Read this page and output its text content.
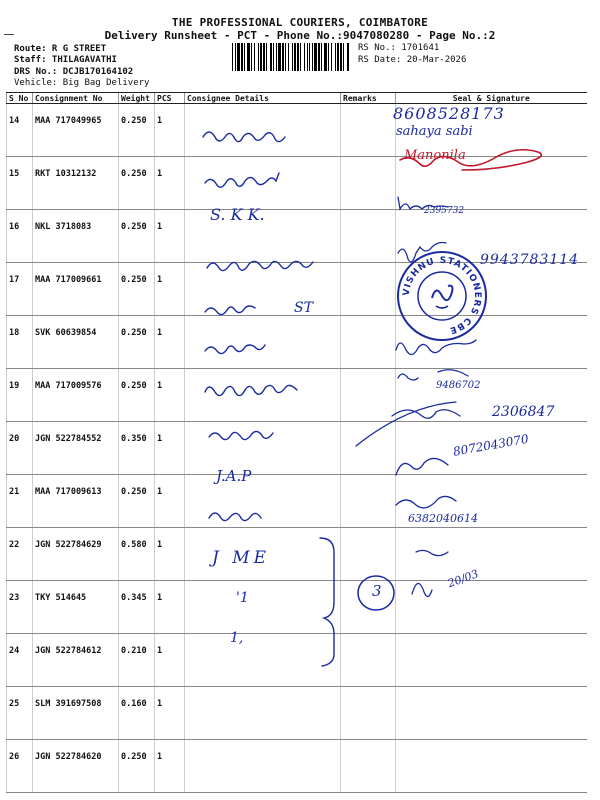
THE PROFESSIONAL COURIERS, COIMBATORE
Delivery Runsheet - PCT - Phone No.:9047080280 - Page No.:2
Route: R G STREET
Staff: THILAGAVATHI
DRS No.: DCJB170164102
Vehicle: Big Bag Delivery
RS No.: 1701641
RS Date: 20-Mar-2026
S No	Consignment No	Weight	PCS	Consignee Details	Remarks	Seal & Signature
14	MAA 717049965	0.250	1			
15	RKT 10312132	0.250	1			
16	NKL 3718083	0.250	1			
17	MAA 717009661	0.250	1			
18	SVK 60639854	0.250	1			
19	MAA 717009576	0.250	1			
20	JGN 522784552	0.350	1			
21	MAA 717009613	0.250	1			
22	JGN 522784629	0.580	1			
23	TKY 514645	0.345	1			
24	JGN 522784612	0.210	1			
25	SLM 391697508	0.160	1			
26	JGN 522784620	0.250	1			
VISHNU STATIONERS CBE
8608528173
sahaya sabi
Manonila
S. K K.	2395732
9943783114
ST
9486702
2306847
8072043070
6382040614
3
20/03
J.A.P
J ME
'1
1,
